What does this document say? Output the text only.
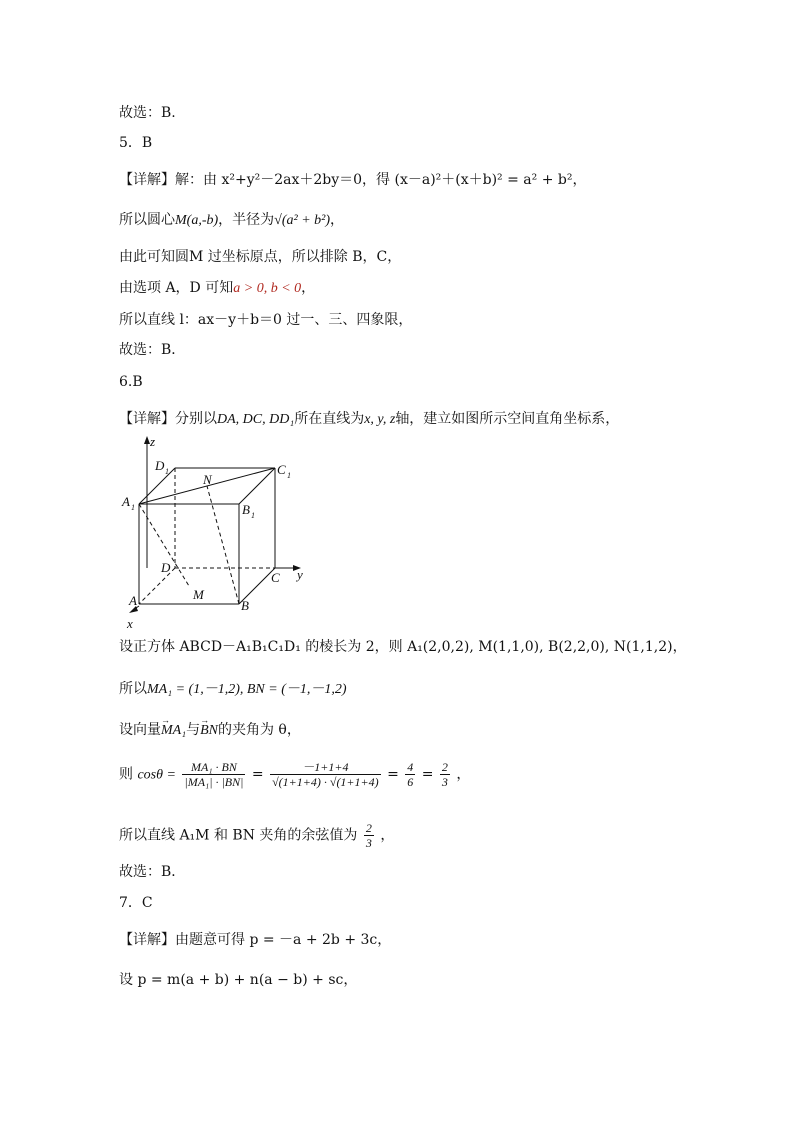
故选：B.
5．B
【详解】解：由 x²+y²－2ax＋2by＝0，得 (x－a)²＋(x＋b)² = a² + b²，
所以圆心M(a,-b)，半径为√(a² + b²)，
由此可知圆M 过坐标原点，所以排除 B，C，
由选项 A，D 可知a > 0, b < 0，
所以直线 l：ax－y＋b＝0 过一、三、四象限，
故选：B．
6.B
【详解】分别以DA, DC, DD₁所在直线为x, y, z轴，建立如图所示空间直角坐标系，
z
y
x
D 1	C 1
A 1	B 1
N
D
C
A	B
M
设正方体 ABCD－A₁B₁C₁D₁ 的棱长为 2，则 A₁(2,0,2), M(1,1,0), B(2,2,0), N(1,1,2)，
所以MA₁ = (1,－1,2), BN = (－1,－1,2)
设向量→ MA₁与→ BN的夹角为 θ，
则 $\cos\theta = \frac{\text{MA₁ · BN}}{\text{|MA₁| · |BN|}} = \frac{-1+1+4}{√(1+1+4) \cdot √(1+1+4)} = \frac{4}{6} = \frac{2}{3}$ ，
所以直线 A₁M 和 BN 夹角的余弦值为 $\frac{2}{3}$ ，
故选：B．
7．C
【详解】由题意可得 p = －a + 2b + 3c，
设 p = m(a + b) + n(a − b) + sc，
